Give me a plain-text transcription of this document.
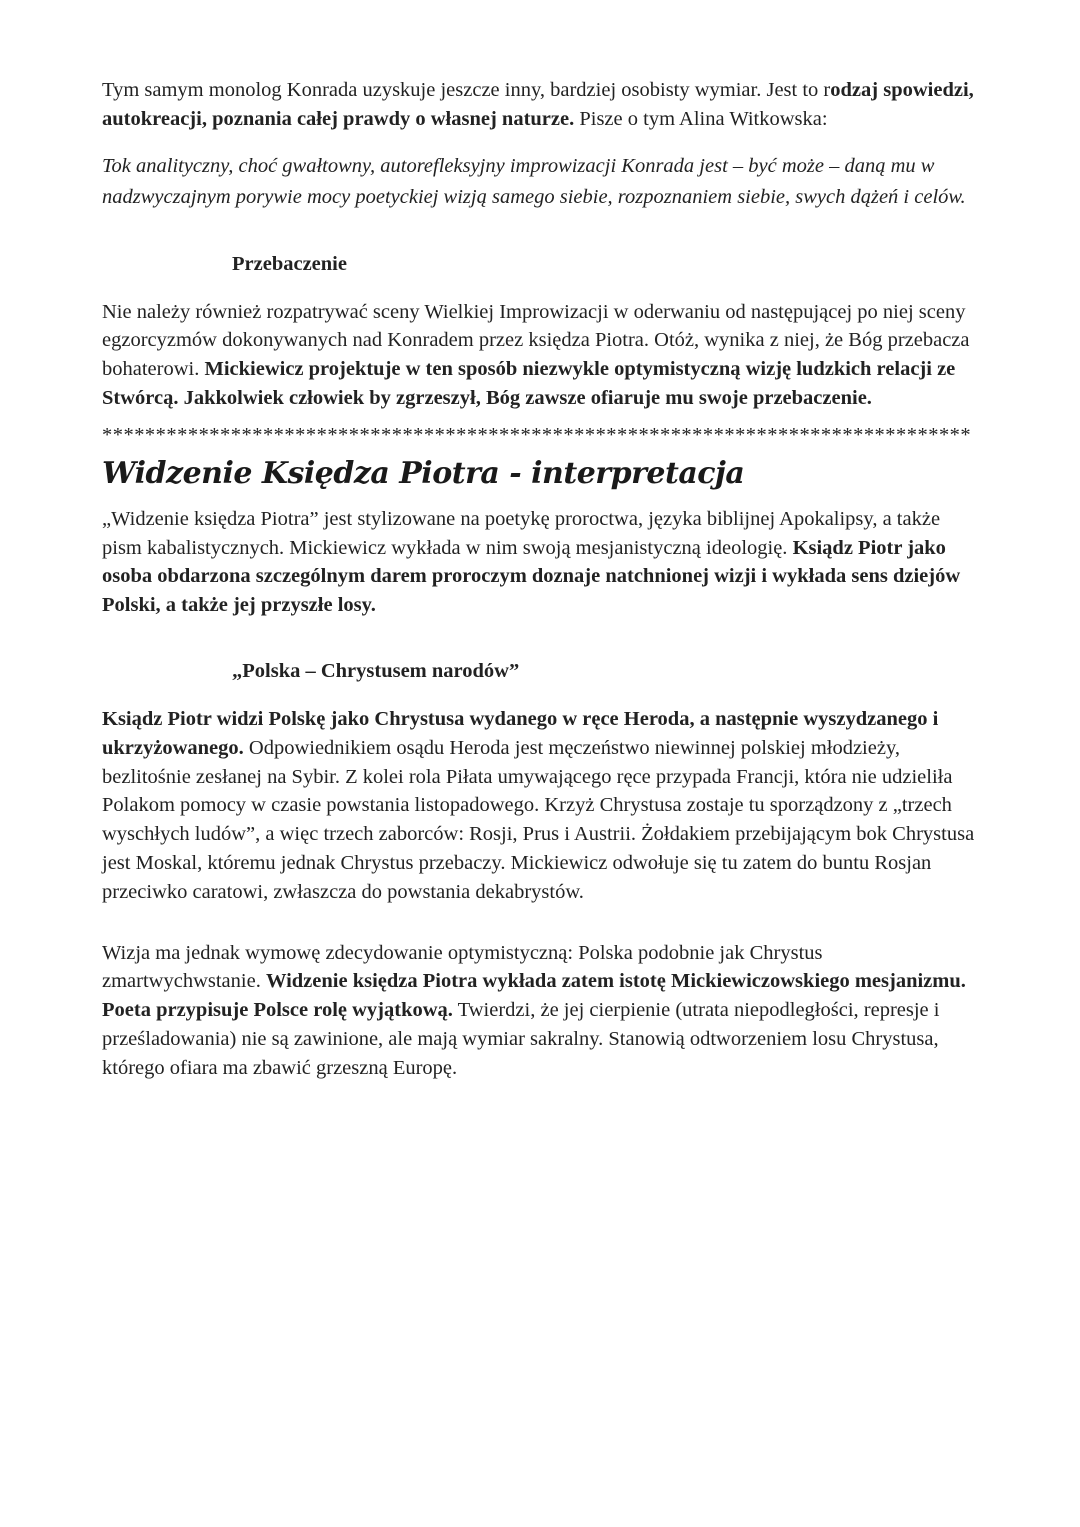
Tym samym monolog Konrada uzyskuje jeszcze inny, bardziej osobisty wymiar. Jest to rodzaj spowiedzi, autokreacji, poznania całej prawdy o własnej naturze. Pisze o tym Alina Witkowska:

Tok analityczny, choć gwałtowny, autorefleksyjny improwizacji Konrada jest – być może – daną mu w nadzwyczajnym porywie mocy poetyckiej wizją samego siebie, rozpoznaniem siebie, swych dążeń i celów.

Przebaczenie

Nie należy również rozpatrywać sceny Wielkiej Improwizacji w oderwaniu od następującej po niej sceny egzorcyzmów dokonywanych nad Konradem przez księdza Piotra. Otóż, wynika z niej, że Bóg przebacza bohaterowi. Mickiewicz projektuje w ten sposób niezwykle optymistyczną wizję ludzkich relacji ze Stwórcą. Jakkolwiek człowiek by zgrzeszył, Bóg zawsze ofiaruje mu swoje przebaczenie.

*********************************************************************************
Widzenie Księdza Piotra - interpretacja

„Widzenie księdza Piotra” jest stylizowane na poetykę proroctwa, języka biblijnej Apokalipsy, a także pism kabalistycznych. Mickiewicz wykłada w nim swoją mesjanistyczną ideologię. Ksiądz Piotr jako osoba obdarzona szczególnym darem proroczym doznaje natchnionej wizji i wykłada sens dziejów Polski, a także jej przyszłe losy.

„Polska – Chrystusem narodów”

Ksiądz Piotr widzi Polskę jako Chrystusa wydanego w ręce Heroda, a następnie wyszydzanego i ukrzyżowanego. Odpowiednikiem osądu Heroda jest męczeństwo niewinnej polskiej młodzieży, bezlitośnie zesłanej na Sybir. Z kolei rola Piłata umywającego ręce przypada Francji, która nie udzieliła Polakom pomocy w czasie powstania listopadowego. Krzyż Chrystusa zostaje tu sporządzony z „trzech wyschłych ludów”, a więc trzech zaborców: Rosji, Prus i Austrii. Żołdakiem przebijającym bok Chrystusa jest Moskal, któremu jednak Chrystus przebaczy. Mickiewicz odwołuje się tu zatem do buntu Rosjan przeciwko caratowi, zwłaszcza do powstania dekabrystów.

Wizja ma jednak wymowę zdecydowanie optymistyczną: Polska podobnie jak Chrystus zmartwychwstanie. Widzenie księdza Piotra wykłada zatem istotę Mickiewiczowskiego mesjanizmu. Poeta przypisuje Polsce rolę wyjątkową. Twierdzi, że jej cierpienie (utrata niepodległości, represje i prześladowania) nie są zawinione, ale mają wymiar sakralny. Stanowią odtworzeniem losu Chrystusa, którego ofiara ma zbawić grzeszną Europę.
